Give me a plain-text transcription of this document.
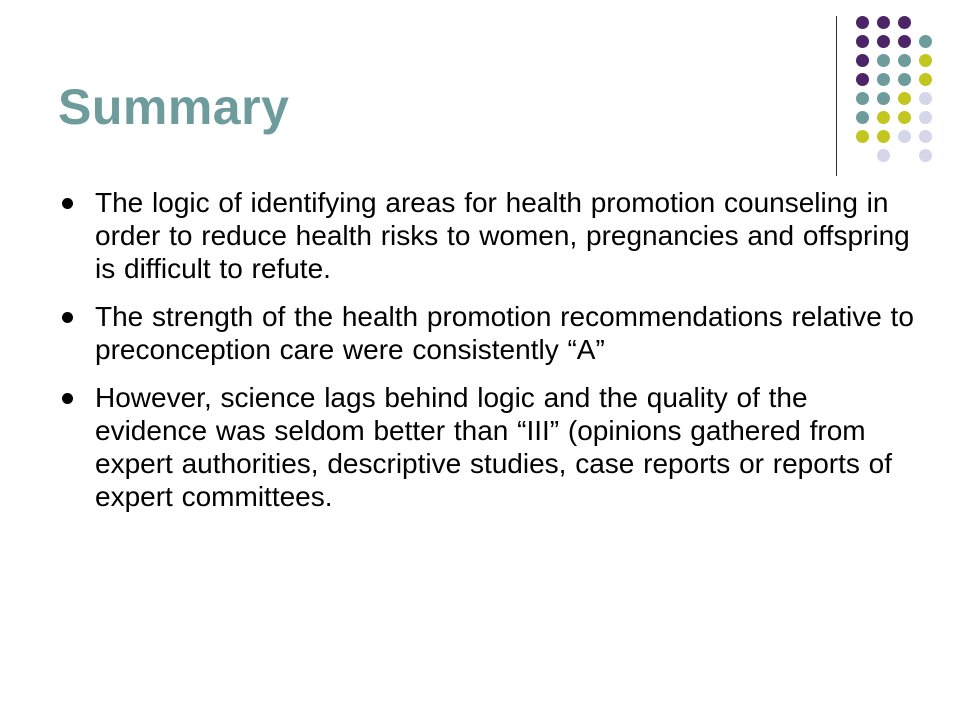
Summary
The logic of identifying areas for health promotion counseling in order to reduce health risks to women, pregnancies and offspring is difficult to refute.
The strength of the health promotion recommendations relative to preconception care were consistently “A”
However, science lags behind logic and the quality of the evidence was seldom better than “III” (opinions gathered from expert authorities, descriptive studies, case reports or reports of expert committees.
